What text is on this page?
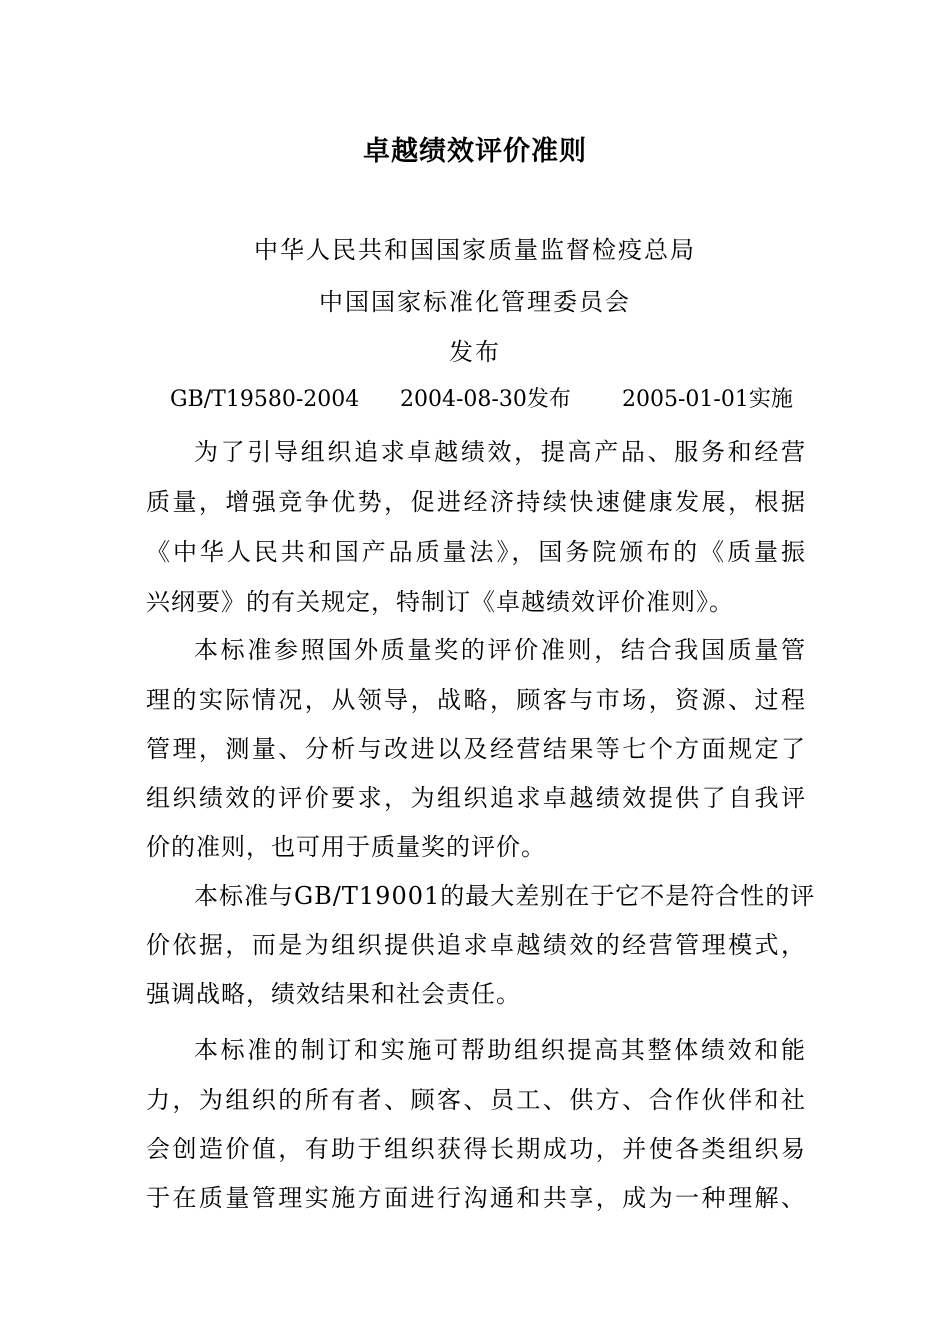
卓越绩效评价准则
中华人民共和国国家质量监督检疫总局
中国国家标准化管理委员会
发布
GB/T19580-2004 2004-08-30发布 2005-01-01实施
为了引导组织追求卓越绩效，提高产品、服务和经营
质量，增强竞争优势，促进经济持续快速健康发展，根据
《中华人民共和国产品质量法》，国务院颁布的《质量振
兴纲要》的有关规定，特制订《卓越绩效评价准则》。
本标准参照国外质量奖的评价准则，结合我国质量管
理的实际情况，从领导，战略，顾客与市场，资源、过程
管理，测量、分析与改进以及经营结果等七个方面规定了
组织绩效的评价要求，为组织追求卓越绩效提供了自我评
价的准则，也可用于质量奖的评价。
本标准与GB/T19001的最大差别在于它不是符合性的评
价依据，而是为组织提供追求卓越绩效的经营管理模式，
强调战略，绩效结果和社会责任。
本标准的制订和实施可帮助组织提高其整体绩效和能
力，为组织的所有者、顾客、员工、供方、合作伙伴和社
会创造价值，有助于组织获得长期成功，并使各类组织易
于在质量管理实施方面进行沟通和共享，成为一种理解、
